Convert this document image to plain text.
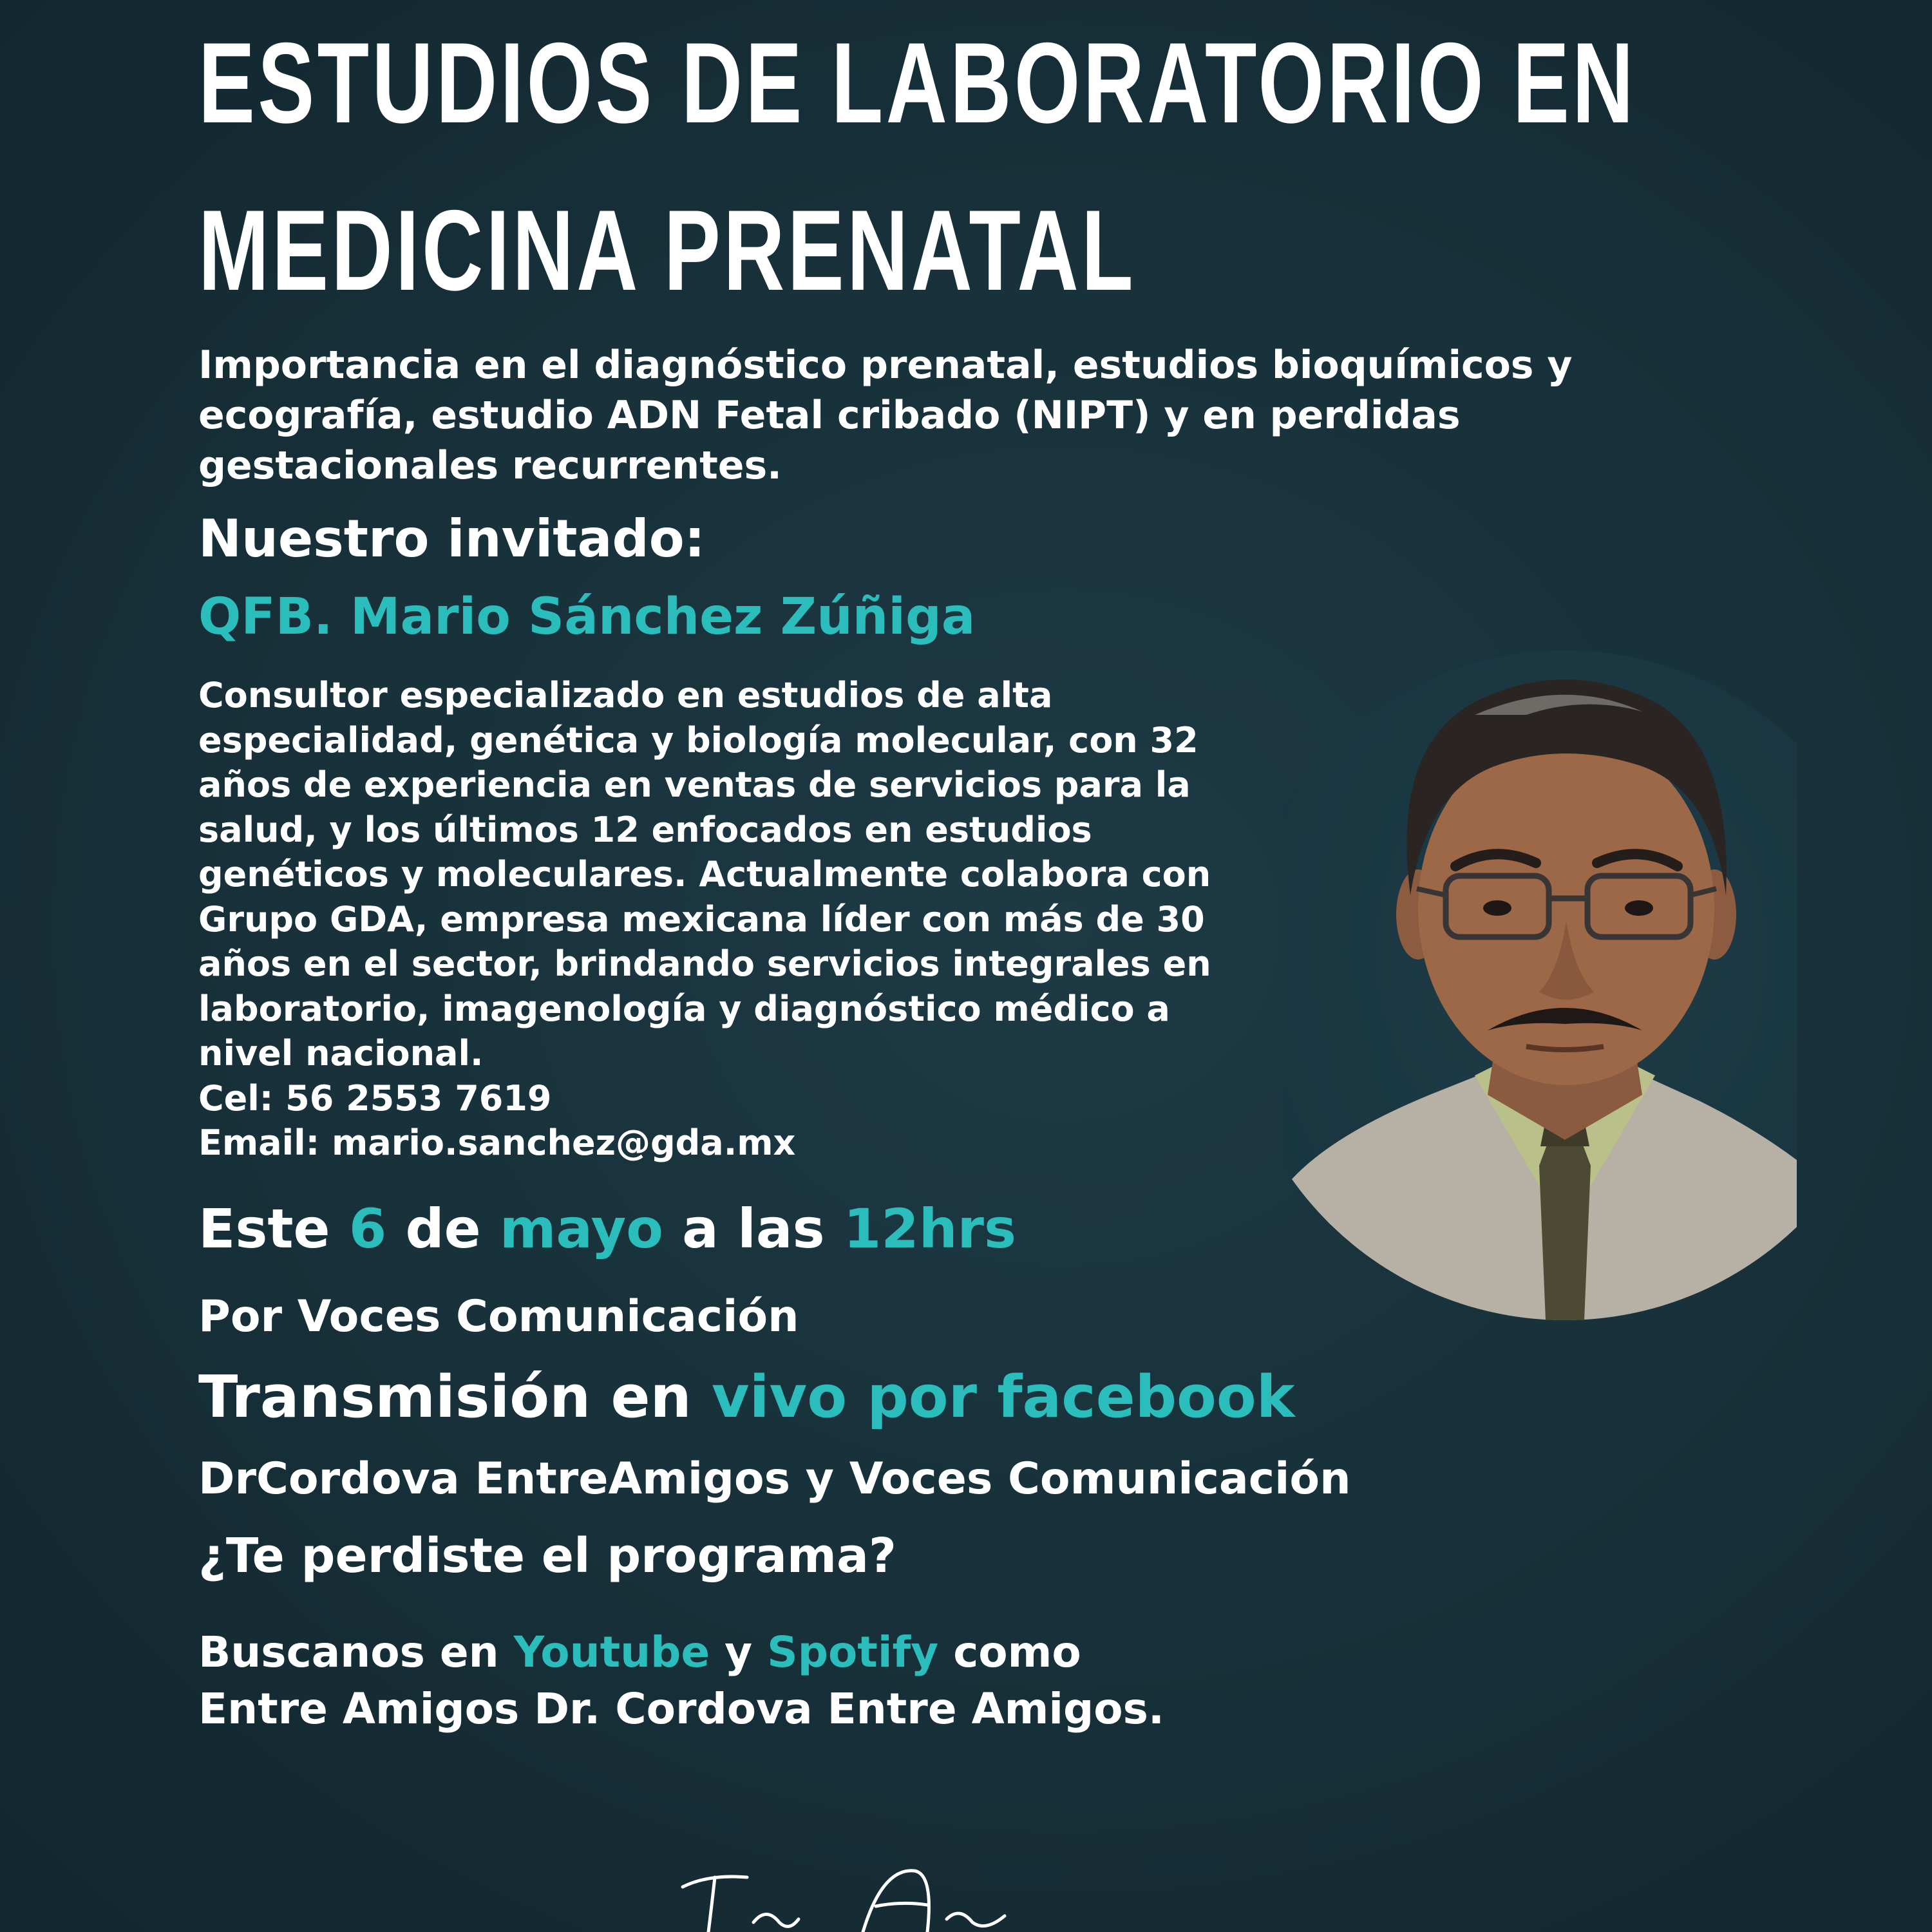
ESTUDIOS DE LABORATORIO EN
MEDICINA PRENATAL
Importancia en el diagnóstico prenatal, estudios bioquímicos y ecografía, estudio ADN Fetal cribado (NIPT) y en perdidas gestacionales recurrentes.
Nuestro invitado:
QFB. Mario Sánchez Zúñiga
Consultor especializado en estudios de alta
especialidad, genética y biología molecular, con 32
años de experiencia en ventas de servicios para la
salud, y los últimos 12 enfocados en estudios
genéticos y moleculares. Actualmente colabora con
Grupo GDA, empresa mexicana líder con más de 30
años en el sector, brindando servicios integrales en
laboratorio, imagenología y diagnóstico médico a
nivel nacional.
Cel: 56 2553 7619
Email: mario.sanchez@gda.mx
Este 6 de mayo a las 12hrs
Por Voces Comunicación
Transmisión en vivo por facebook
DrCordova EntreAmigos y Voces Comunicación
¿Te perdiste el programa?
Buscanos en Youtube y Spotify como
Entre Amigos Dr. Cordova Entre Amigos.
